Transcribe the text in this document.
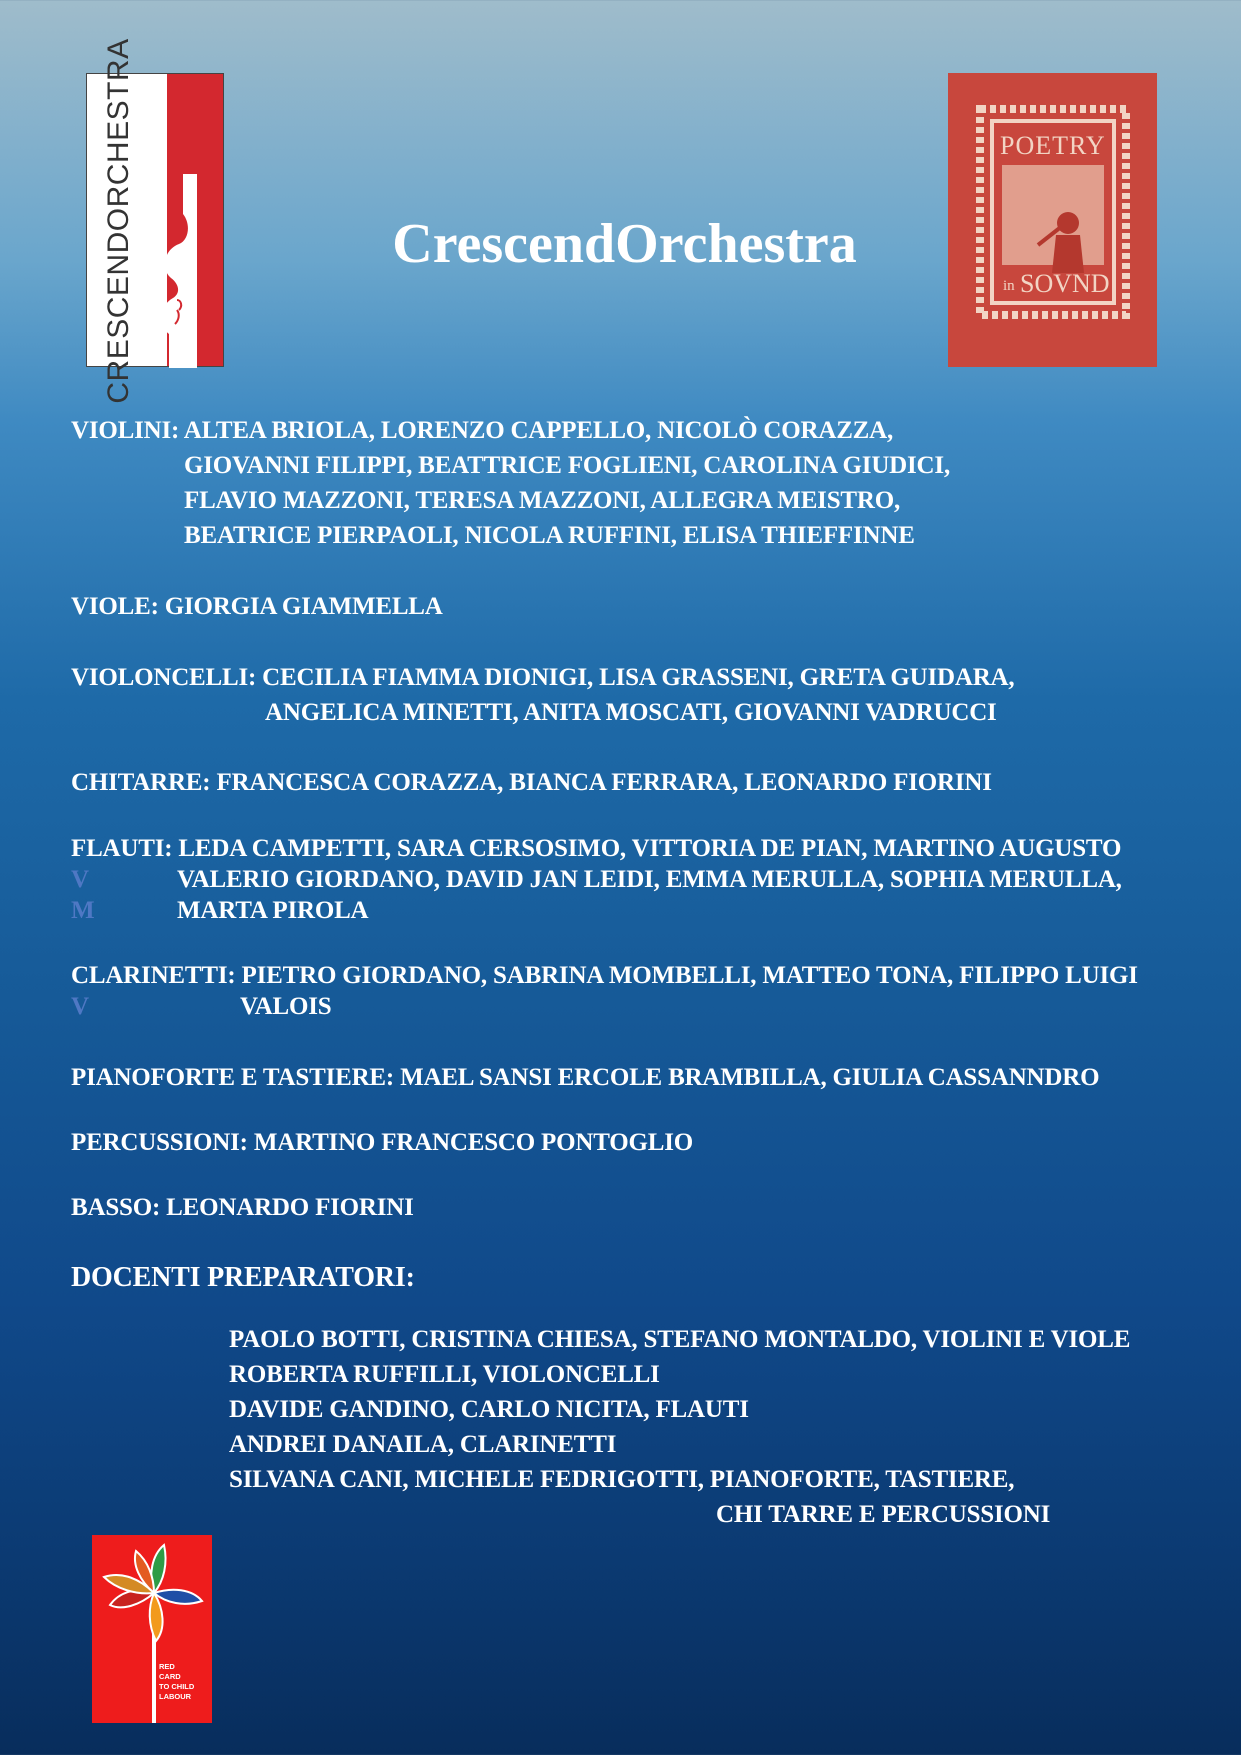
CRESCENDORCHESTRA	POETRY
in SOVND
RED
CARD
TO CHILD
LABOUR
CrescendOrchestra
VIOLINI: ALTEA BRIOLA, LORENZO CAPPELLO, NICOLÒ CORAZZA,
GIOVANNI FILIPPI, BEATTRICE FOGLIENI, CAROLINA GIUDICI,
FLAVIO MAZZONI, TERESA MAZZONI, ALLEGRA MEISTRO,
BEATRICE PIERPAOLI, NICOLA RUFFINI, ELISA THIEFFINNE
VIOLE: GIORGIA GIAMMELLA
VIOLONCELLI: CECILIA FIAMMA DIONIGI, LISA GRASSENI, GRETA GUIDARA,
ANGELICA MINETTI, ANITA MOSCATI, GIOVANNI VADRUCCI
CHITARRE: FRANCESCA CORAZZA, BIANCA FERRARA, LEONARDO FIORINI
FLAUTI: LEDA CAMPETTI, SARA CERSOSIMO, VITTORIA DE PIAN, MARTINO AUGUSTO
V	VALERIO GIORDANO, DAVID JAN LEIDI, EMMA MERULLA, SOPHIA MERULLA,
M	MARTA PIROLA
CLARINETTI: PIETRO GIORDANO, SABRINA MOMBELLI, MATTEO TONA, FILIPPO LUIGI
V	VALOIS
PIANOFORTE E TASTIERE: MAEL SANSI ERCOLE BRAMBILLA, GIULIA CASSANNDRO
PERCUSSIONI: MARTINO FRANCESCO PONTOGLIO
BASSO: LEONARDO FIORINI
DOCENTI PREPARATORI:
PAOLO BOTTI, CRISTINA CHIESA, STEFANO MONTALDO, VIOLINI E VIOLE
ROBERTA RUFFILLI, VIOLONCELLI
DAVIDE GANDINO, CARLO NICITA, FLAUTI
ANDREI DANAILA, CLARINETTI
SILVANA CANI, MICHELE FEDRIGOTTI, PIANOFORTE, TASTIERE,
CHI TARRE E PERCUSSIONI
